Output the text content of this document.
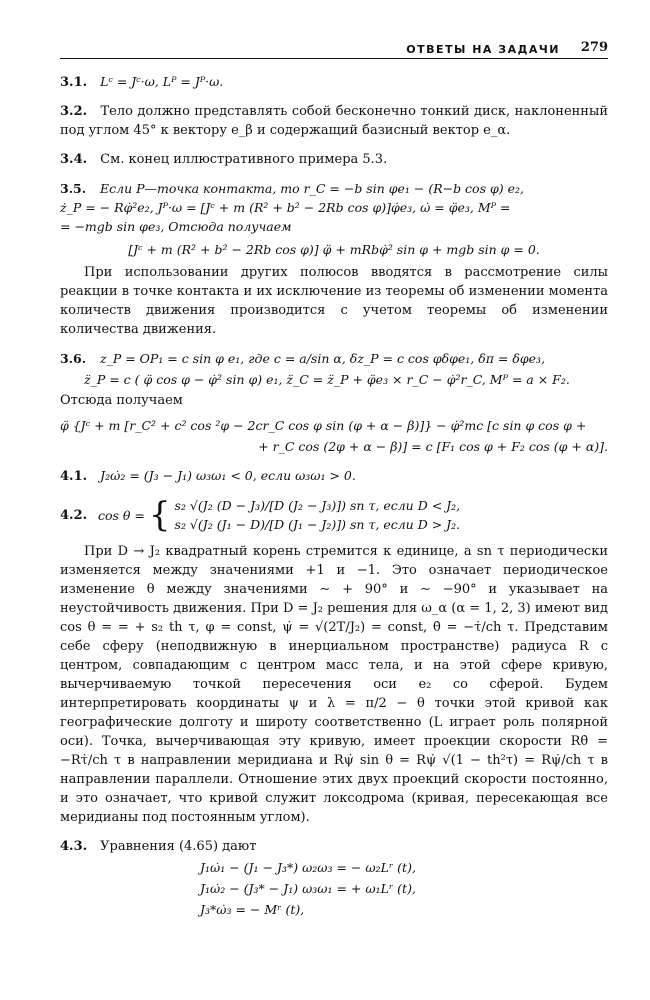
ОТВЕТЫ НА ЗАДАЧИ 279
3.1. Lᶜ = Jᶜ·ω, Lᴾ = Jᴾ·ω.

3.2. Тело должно представлять собой бесконечно тонкий диск, наклоненный под углом 45° к вектору e_β и содержащий базисный вектор e_α.

3.4. См. конец иллюстративного примера 5.3.
3.5. Если P—точка контакта, то r_C = −b sin φe₁ − (R−b cos φ) e₂,
ż_P = − Rφ̇²e₂, Jᴾ·ω = [Jᶜ + m (R² + b² − 2Rb cos φ)]φ̇e₃, ω̇ = φ̈e₃, Mᴾ =
= −mgb sin φe₃, Отсюда получаем
[Jᶜ + m (R² + b² − 2Rb cos φ)] φ̈ + mRbφ̇² sin φ + mgb sin φ = 0.

При использовании других полюсов вводятся в рассмотрение силы реакции в точке контакта и их исключение из теоремы об изменении момента количеств движения производится с учетом теоремы об изменении количества движения.

3.6. z_P = OP₁ = c sin φ e₁, где c = a/sin α, δz_P = c cos φδφe₁, δπ = δφe₃,
z̈_P = c ( φ̈ cos φ − φ̇² sin φ) e₁, z̈_C = z̈_P + φ̈e₃ × r_C − φ̇²r_C, Mᴾ = a × F₂.
Отсюда получаем
φ̈ {Jᶜ + m [r_C² + c² cos ²φ − 2cr_C cos φ sin (φ + α − β)]} − φ̇²mc [c sin φ cos φ +
+ r_C cos (2φ + α − β)] = c [F₁ cos φ + F₂ cos (φ + α)].
4.1. J₂ω̇₂ = (J₃ − J₁) ω₃ω₁ < 0, если ω₃ω₁ > 0.
4.2. cos θ = { s₂ √(J₂ (D − J₃)/[D (J₂ − J₃)]) sn τ, если D < J₂,
s₂ √(J₂ (J₁ − D)/[D (J₁ − J₂)]) sn τ, если D > J₂.

При D → J₂ квадратный корень стремится к единице, а sn τ периодически изменяется между значениями +1 и −1. Это означает периодическое изменение θ между значениями ∼ + 90° и ∼ −90° и указывает на неустойчивость движения. При D = J₂ решения для ω_α (α = 1, 2, 3) имеют вид cos θ = = + s₂ th τ, φ = const, ψ̇ = √(2T/J₂) = const, θ̇ = −τ̇/ch τ. Представим себе сферу (неподвижную в инерциальном пространстве) радиуса R с центром, совпадающим с центром масс тела, и на этой сфере кривую, вычерчиваемую точкой пересечения оси e₂ со сферой. Будем интерпретировать координаты ψ и λ = π/2 − θ точки этой кривой как географические долготу и широту соответственно (L играет роль полярной оси). Точка, вычерчивающая эту кривую, имеет проекции скорости Rθ̇ = −Rτ̇/ch τ в направлении меридиана и Rψ̇ sin θ = Rψ̇ √(1 − th²τ) = Rψ̇/ch τ в направлении параллели. Отношение этих двух проекций скорости постоянно, и это означает, что кривой служит локсодрома (кривая, пересекающая все меридианы под постоянным углом).

4.3. Уравнения (4.65) дают
J₁ω̇₁ − (J₁ − J₃*) ω₂ω₃ = − ω₂Lʳ (t),
J₁ω̇₂ − (J₃* − J₁) ω₃ω₁ = + ω₁Lʳ (t),
J₃*ω̇₃ = − Mʳ (t),
